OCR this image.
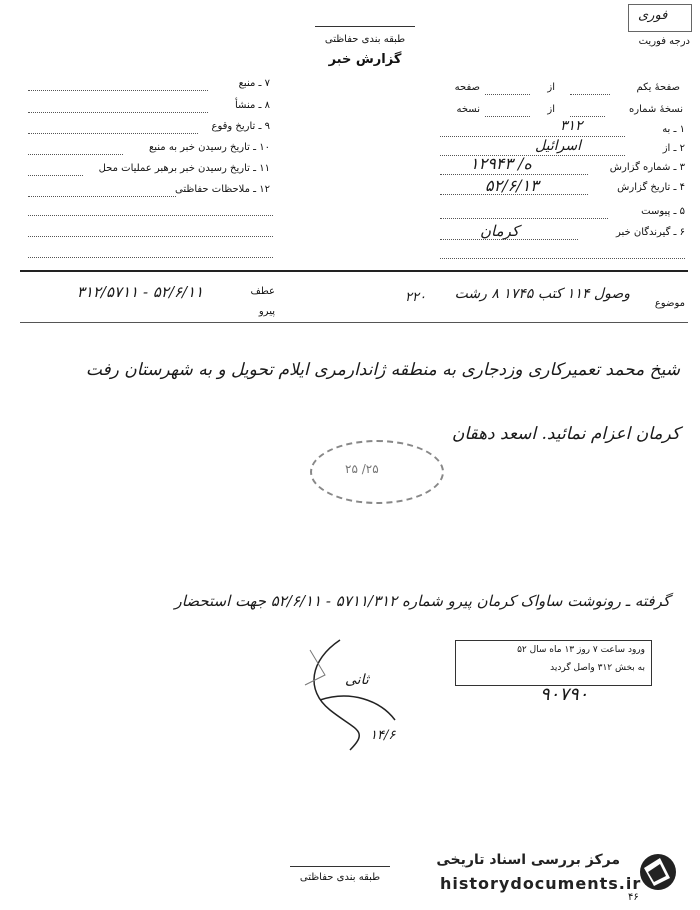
فوری
درجه فوریت
طبقه بندی حفاظتی
گزارش خبر
صفحهٔ یکم
از
صفحه
نسخهٔ شماره
از
نسخه
۱ ـ به
۳۱۲
۲ ـ از
اسرائیل
۳ ـ شماره گزارش
۱۲۹۴۳ /ه
۴ ـ تاریخ گزارش
۵۲/۶/۱۳
۵ ـ پیوست
۶ ـ گیرندگان خبر
کرمان
۷ ـ منبع
۸ ـ منشأ
۹ ـ تاریخ وقوع
۱۰ ـ تاریخ رسیدن خبر به منبع
۱۱ ـ تاریخ رسیدن خبر برهبر عملیات محل
۱۲ ـ ملاحظات حفاظتی
موضوع
وصول ۱۱۴ کتب ۱۷۴۵ ۸ رشت
۲۲۰
عطف
پیرو
۵۲/۶/۱۱ - ۳۱۲/۵۷۱۱
شیخ محمد تعمیرکاری وزدجاری به منطقه ژاندارمری ایلام تحویل و به شهرستان رفت
کرمان اعزام نمائید. اسعد دهقان
۲۵ /۲۵
گرفته ـ رونوشت ساواک کرمان پیرو شماره ۵۷۱۱/۳۱۲ - ۵۲/۶/۱۱ جهت استحضار
ثانی
۱۴/۶
ورود ساعت ۷ روز ۱۳ ماه سال ۵۲
به بخش ۳۱۲ واصل گردید
۹۰۷۹۰
طبقه بندی حفاظتی
۴۶
مرکز بررسی اسناد تاریخی
historydocuments.ir
